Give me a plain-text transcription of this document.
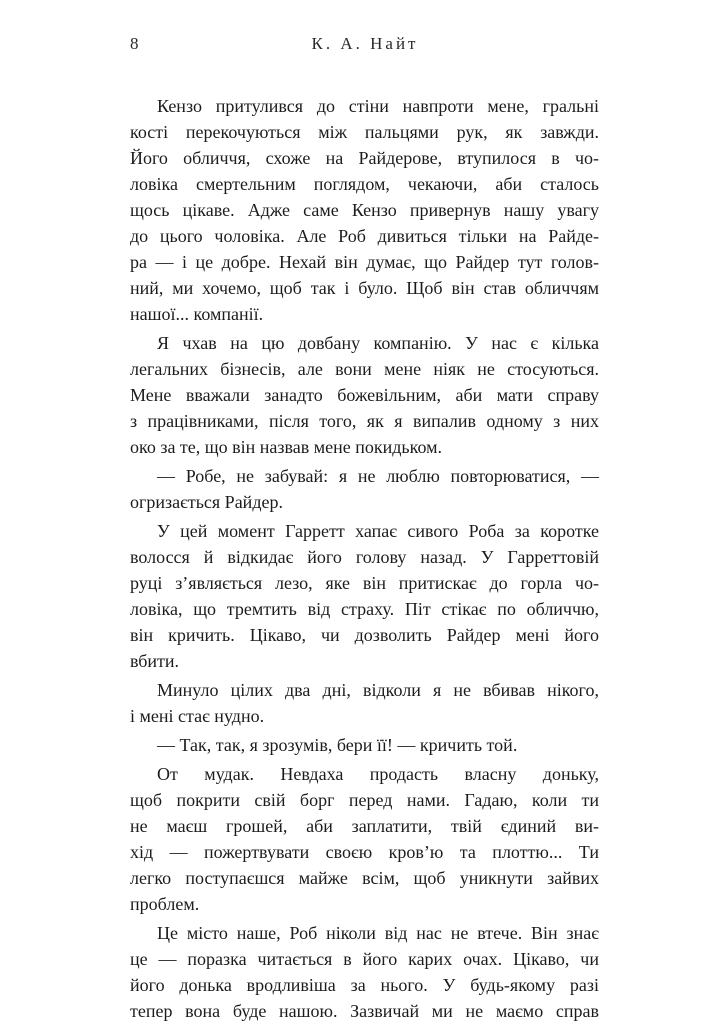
8	К. А. Найт
Кензо притулився до стіни навпроти мене, гральні
кості перекочуються між пальцями рук, як завжди.
Його обличчя, схоже на Райдерове, втупилося в чо-
ловіка смертельним поглядом, чекаючи, аби сталось
щось цікаве. Адже саме Кензо привернув нашу увагу
до цього чоловіка. Але Роб дивиться тільки на Райде-
ра — і це добре. Нехай він думає, що Райдер тут голов-
ний, ми хочемо, щоб так і було. Щоб він став обличчям
нашої... компанії.
Я чхав на цю довбану компанію. У нас є кілька
легальних бізнесів, але вони мене ніяк не стосуються.
Мене вважали занадто божевільним, аби мати справу
з працівниками, після того, як я випалив одному з них
око за те, що він назвав мене покидьком.
— Робе, не забувай: я не люблю повторюватися, —
огризається Райдер.
У цей момент Гарретт хапає сивого Роба за коротке
волосся й відкидає його голову назад. У Гарреттовій
руці з’являється лезо, яке він притискає до горла чо-
ловіка, що тремтить від страху. Піт стікає по обличчю,
він кричить. Цікаво, чи дозволить Райдер мені його
вбити.
Минуло цілих два дні, відколи я не вбивав нікого,
і мені стає нудно.
— Так, так, я зрозумів, бери її! — кричить той.
От мудак. Невдаха продасть власну доньку,
щоб покрити свій борг перед нами. Гадаю, коли ти
не маєш грошей, аби заплатити, твій єдиний ви-
хід — пожертвувати своєю кров’ю та плоттю... Ти
легко поступаєшся майже всім, щоб уникнути зайвих
проблем.
Це місто наше, Роб ніколи від нас не втече. Він знає
це — поразка читається в його карих очах. Цікаво, чи
його донька вродливіша за нього. У будь-якому разі
тепер вона буде нашою. Зазвичай ми не маємо справ
